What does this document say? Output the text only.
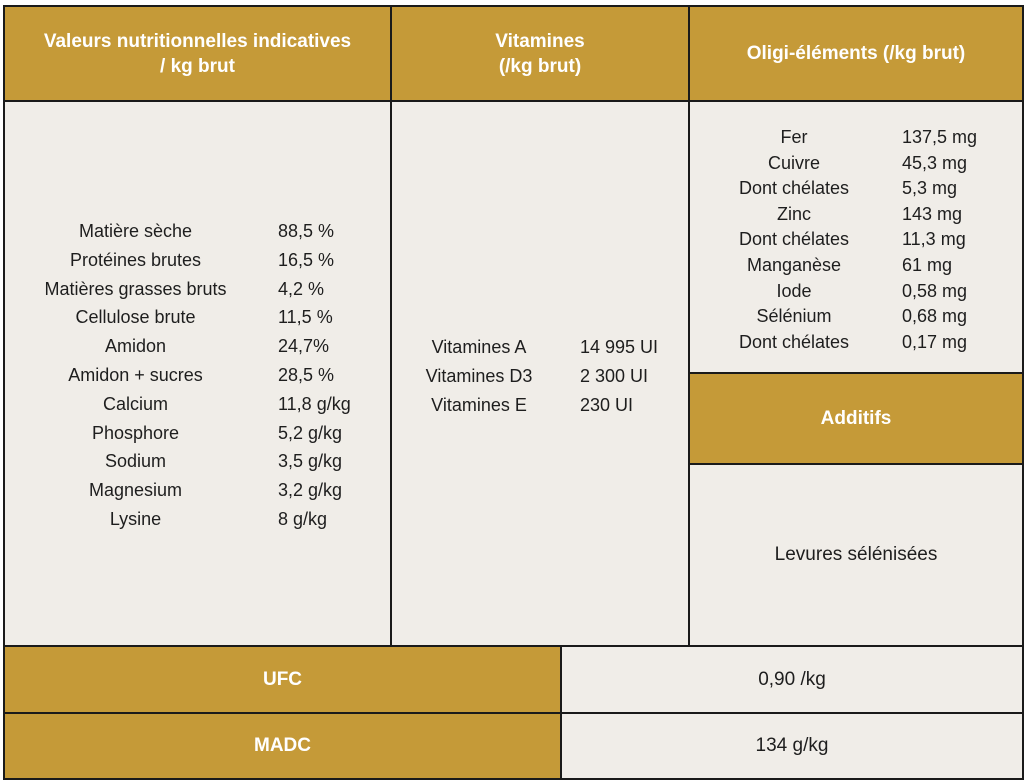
Valeurs nutritionnelles indicatives
/ kg brut
Vitamines
(/kg brut)
Oligi-éléments (/kg brut)
Matière sèche	88,5 %
Protéines brutes	16,5 %
Matières grasses bruts	4,2 %
Cellulose brute	11,5 %
Amidon	24,7%
Amidon + sucres	28,5 %
Calcium	11,8 g/kg
Phosphore	5,2 g/kg
Sodium	3,5 g/kg
Magnesium	3,2 g/kg
Lysine	8 g/kg
Vitamines A	14 995 UI
Vitamines D3	2 300 UI
Vitamines E	230 UI
Fer	137,5 mg
Cuivre	45,3 mg
Dont chélates	5,3 mg
Zinc	143 mg
Dont chélates	11,3 mg
Manganèse	61 mg
Iode	0,58 mg
Sélénium	0,68 mg
Dont chélates	0,17 mg
Additifs
Levures sélénisées
UFC	0,90 /kg
MADC	134 g/kg
